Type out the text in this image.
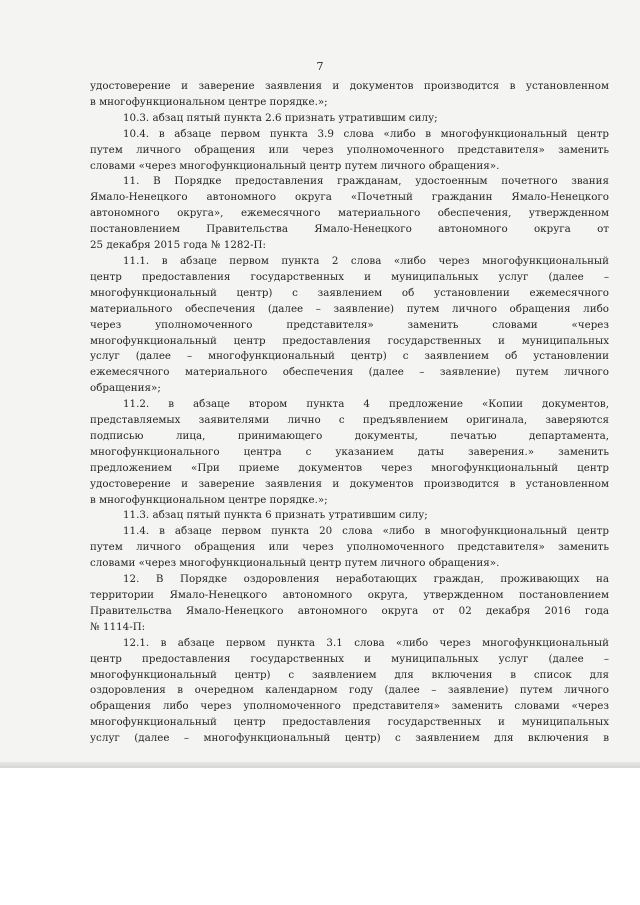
7
удостоверение и заверение заявления и документов производится в установленном
в многофункциональном центре порядке.»;
10.3. абзац пятый пункта 2.6 признать утратившим силу;
10.4. в абзаце первом пункта 3.9 слова «либо в многофункциональный центр
путем личного обращения или через уполномоченного представителя» заменить
словами «через многофункциональный центр путем личного обращения».
11. В Порядке предоставления гражданам, удостоенным почетного звания
Ямало-Ненецкого автономного округа «Почетный гражданин Ямало-Ненецкого
автономного округа», ежемесячного материального обеспечения, утвержденном
постановлением Правительства Ямало-Ненецкого автономного округа от
25 декабря 2015 года № 1282-П:
11.1. в абзаце первом пункта 2 слова «либо через многофункциональный
центр предоставления государственных и муниципальных услуг (далее –
многофункциональный центр) с заявлением об установлении ежемесячного
материального обеспечения (далее – заявление) путем личного обращения либо
через уполномоченного представителя» заменить словами «через
многофункциональный центр предоставления государственных и муниципальных
услуг (далее – многофункциональный центр) с заявлением об установлении
ежемесячного материального обеспечения (далее – заявление) путем личного
обращения»;
11.2. в абзаце втором пункта 4 предложение «Копии документов,
представляемых заявителями лично с предъявлением оригинала, заверяются
подписью лица, принимающего документы, печатью департамента,
многофункционального центра с указанием даты заверения.» заменить
предложением «При приеме документов через многофункциональный центр
удостоверение и заверение заявления и документов производится в установленном
в многофункциональном центре порядке.»;
11.3. абзац пятый пункта 6 признать утратившим силу;
11.4. в абзаце первом пункта 20 слова «либо в многофункциональный центр
путем личного обращения или через уполномоченного представителя» заменить
словами «через многофункциональный центр путем личного обращения».
12. В Порядке оздоровления неработающих граждан, проживающих на
территории Ямало-Ненецкого автономного округа, утвержденном постановлением
Правительства Ямало-Ненецкого автономного округа от 02 декабря 2016 года
№ 1114-П:
12.1. в абзаце первом пункта 3.1 слова «либо через многофункциональный
центр предоставления государственных и муниципальных услуг (далее –
многофункциональный центр) с заявлением для включения в список для
оздоровления в очередном календарном году (далее – заявление) путем личного
обращения либо через уполномоченного представителя» заменить словами «через
многофункциональный центр предоставления государственных и муниципальных
услуг (далее – многофункциональный центр) с заявлением для включения в
